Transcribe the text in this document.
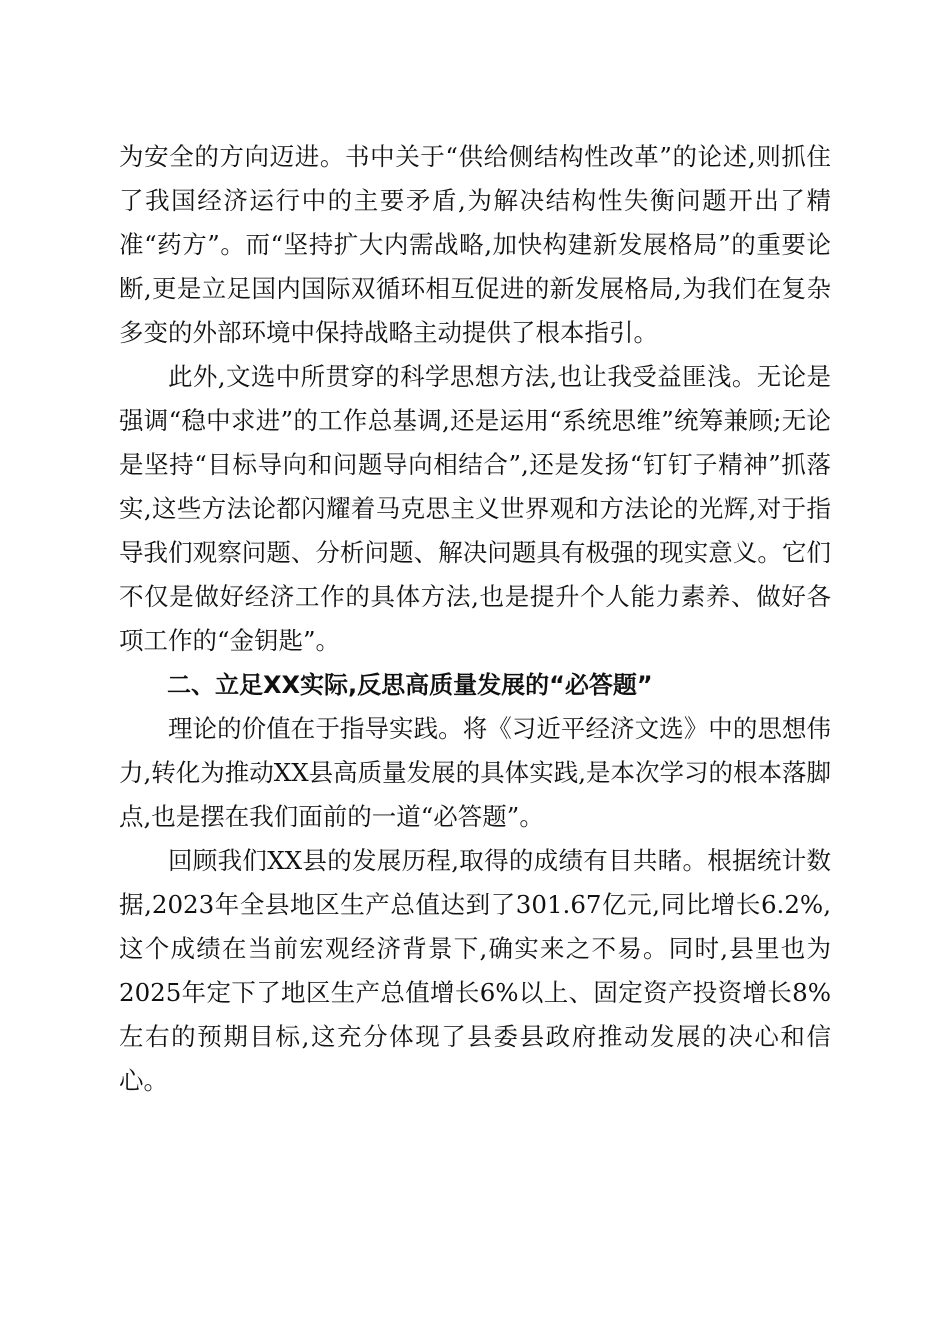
为安全的方向迈进。书中关于“供给侧结构性改革”的论述,则抓住了我国经济运行中的主要矛盾,为解决结构性失衡问题开出了精准“药方”。而“坚持扩大内需战略,加快构建新发展格局”的重要论断,更是立足国内国际双循环相互促进的新发展格局,为我们在复杂多变的外部环境中保持战略主动提供了根本指引。

此外,文选中所贯穿的科学思想方法,也让我受益匪浅。无论是强调“稳中求进”的工作总基调,还是运用“系统思维”统筹兼顾;无论是坚持“目标导向和问题导向相结合”,还是发扬“钉钉子精神”抓落实,这些方法论都闪耀着马克思主义世界观和方法论的光辉,对于指导我们观察问题、分析问题、解决问题具有极强的现实意义。它们不仅是做好经济工作的具体方法,也是提升个人能力素养、做好各项工作的“金钥匙”。

二、立足XX实际,反思高质量发展的“必答题”

理论的价值在于指导实践。将《习近平经济文选》中的思想伟力,转化为推动XX县高质量发展的具体实践,是本次学习的根本落脚点,也是摆在我们面前的一道“必答题”。

回顾我们XX县的发展历程,取得的成绩有目共睹。根据统计数据,2023年全县地区生产总值达到了301.67亿元,同比增长6.2%,这个成绩在当前宏观经济背景下,确实来之不易。同时,县里也为2025年定下了地区生产总值增长6%以上、固定资产投资增长8%左右的预期目标,这充分体现了县委县政府推动发展的决心和信心。
